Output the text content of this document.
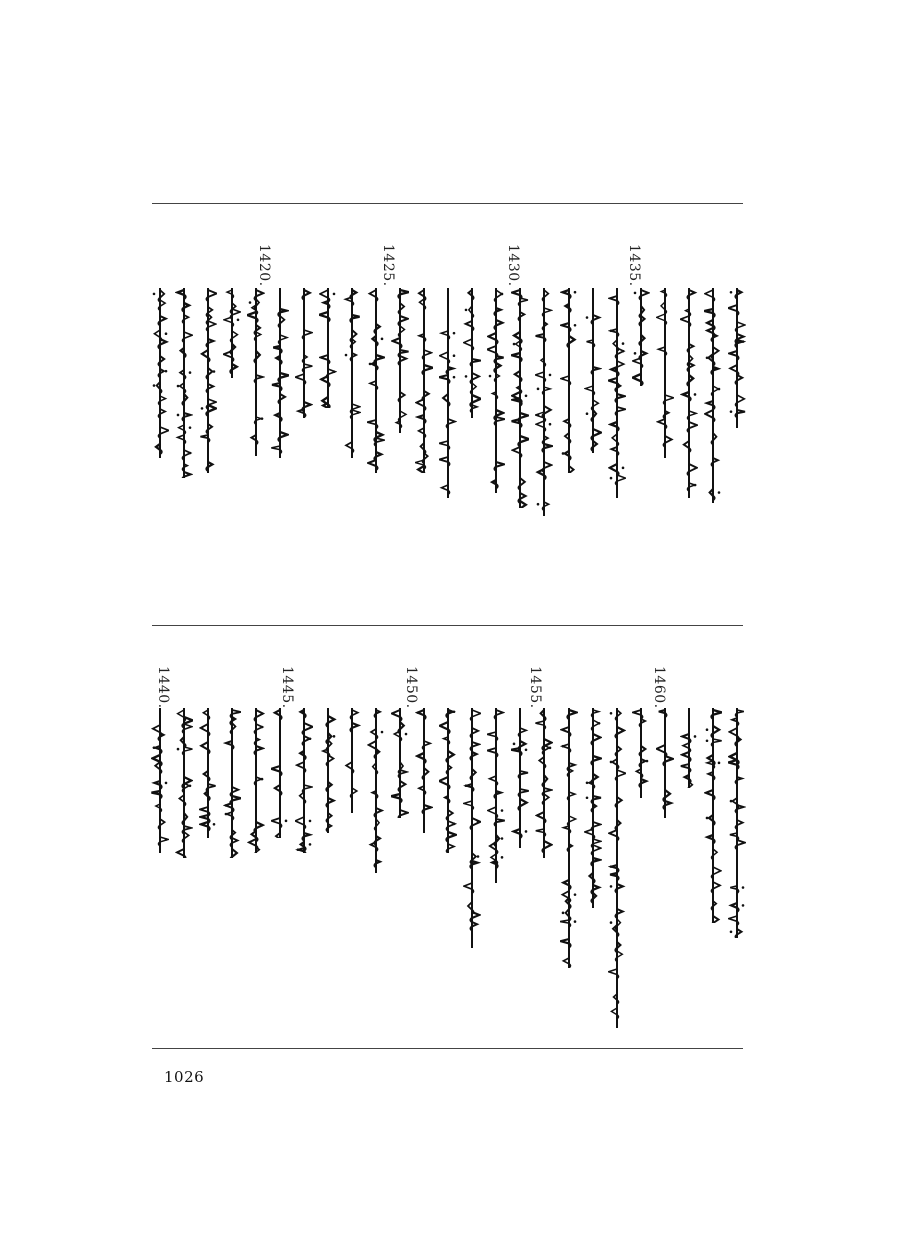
1435.
1430.
1425.
1420.
1460.
1455.
1450.
1445.
1440.
1026
